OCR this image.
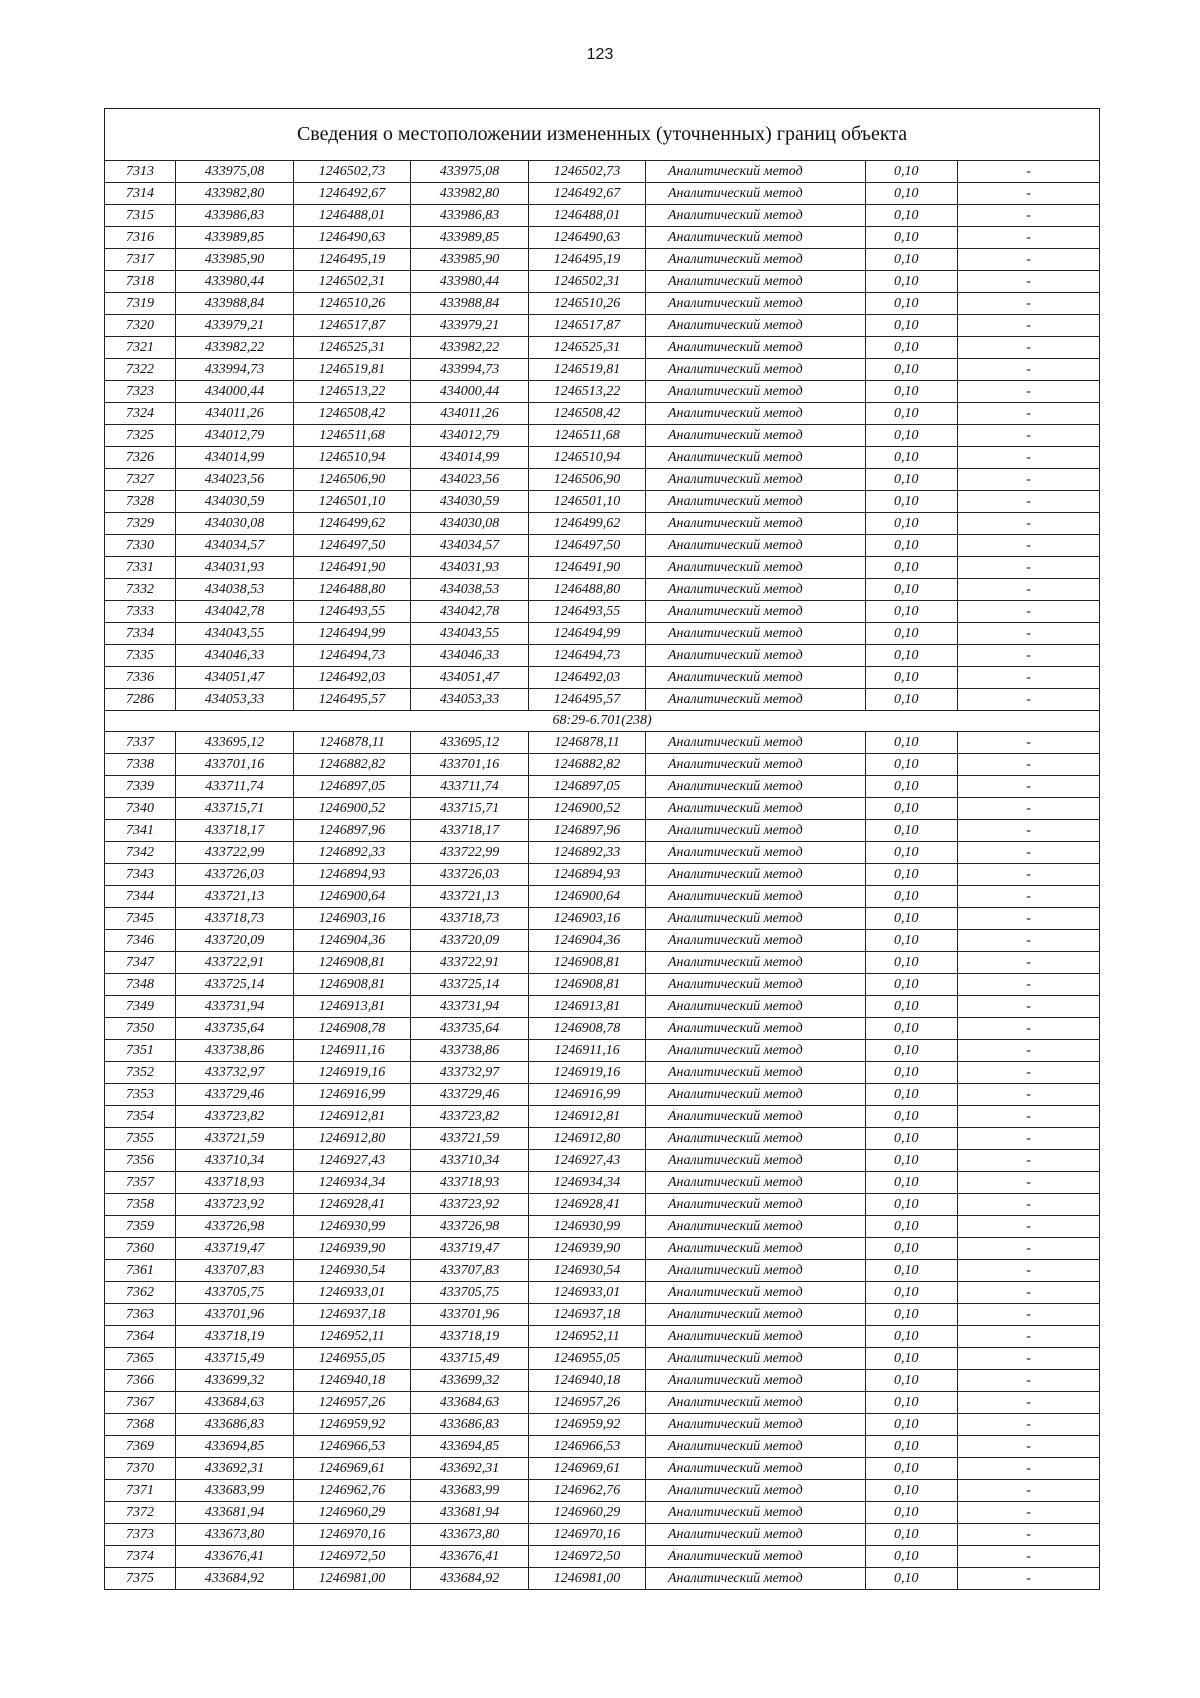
123
Сведения о местоположении измененных (уточненных) границ объекта							
7313	433975,08	1246502,73	433975,08	1246502,73	Аналитический метод	0,10	-
7314	433982,80	1246492,67	433982,80	1246492,67	Аналитический метод	0,10	-
7315	433986,83	1246488,01	433986,83	1246488,01	Аналитический метод	0,10	-
7316	433989,85	1246490,63	433989,85	1246490,63	Аналитический метод	0,10	-
7317	433985,90	1246495,19	433985,90	1246495,19	Аналитический метод	0,10	-
7318	433980,44	1246502,31	433980,44	1246502,31	Аналитический метод	0,10	-
7319	433988,84	1246510,26	433988,84	1246510,26	Аналитический метод	0,10	-
7320	433979,21	1246517,87	433979,21	1246517,87	Аналитический метод	0,10	-
7321	433982,22	1246525,31	433982,22	1246525,31	Аналитический метод	0,10	-
7322	433994,73	1246519,81	433994,73	1246519,81	Аналитический метод	0,10	-
7323	434000,44	1246513,22	434000,44	1246513,22	Аналитический метод	0,10	-
7324	434011,26	1246508,42	434011,26	1246508,42	Аналитический метод	0,10	-
7325	434012,79	1246511,68	434012,79	1246511,68	Аналитический метод	0,10	-
7326	434014,99	1246510,94	434014,99	1246510,94	Аналитический метод	0,10	-
7327	434023,56	1246506,90	434023,56	1246506,90	Аналитический метод	0,10	-
7328	434030,59	1246501,10	434030,59	1246501,10	Аналитический метод	0,10	-
7329	434030,08	1246499,62	434030,08	1246499,62	Аналитический метод	0,10	-
7330	434034,57	1246497,50	434034,57	1246497,50	Аналитический метод	0,10	-
7331	434031,93	1246491,90	434031,93	1246491,90	Аналитический метод	0,10	-
7332	434038,53	1246488,80	434038,53	1246488,80	Аналитический метод	0,10	-
7333	434042,78	1246493,55	434042,78	1246493,55	Аналитический метод	0,10	-
7334	434043,55	1246494,99	434043,55	1246494,99	Аналитический метод	0,10	-
7335	434046,33	1246494,73	434046,33	1246494,73	Аналитический метод	0,10	-
7336	434051,47	1246492,03	434051,47	1246492,03	Аналитический метод	0,10	-
7286	434053,33	1246495,57	434053,33	1246495,57	Аналитический метод	0,10	-
68:29-6.701(238)							
7337	433695,12	1246878,11	433695,12	1246878,11	Аналитический метод	0,10	-
7338	433701,16	1246882,82	433701,16	1246882,82	Аналитический метод	0,10	-
7339	433711,74	1246897,05	433711,74	1246897,05	Аналитический метод	0,10	-
7340	433715,71	1246900,52	433715,71	1246900,52	Аналитический метод	0,10	-
7341	433718,17	1246897,96	433718,17	1246897,96	Аналитический метод	0,10	-
7342	433722,99	1246892,33	433722,99	1246892,33	Аналитический метод	0,10	-
7343	433726,03	1246894,93	433726,03	1246894,93	Аналитический метод	0,10	-
7344	433721,13	1246900,64	433721,13	1246900,64	Аналитический метод	0,10	-
7345	433718,73	1246903,16	433718,73	1246903,16	Аналитический метод	0,10	-
7346	433720,09	1246904,36	433720,09	1246904,36	Аналитический метод	0,10	-
7347	433722,91	1246908,81	433722,91	1246908,81	Аналитический метод	0,10	-
7348	433725,14	1246908,81	433725,14	1246908,81	Аналитический метод	0,10	-
7349	433731,94	1246913,81	433731,94	1246913,81	Аналитический метод	0,10	-
7350	433735,64	1246908,78	433735,64	1246908,78	Аналитический метод	0,10	-
7351	433738,86	1246911,16	433738,86	1246911,16	Аналитический метод	0,10	-
7352	433732,97	1246919,16	433732,97	1246919,16	Аналитический метод	0,10	-
7353	433729,46	1246916,99	433729,46	1246916,99	Аналитический метод	0,10	-
7354	433723,82	1246912,81	433723,82	1246912,81	Аналитический метод	0,10	-
7355	433721,59	1246912,80	433721,59	1246912,80	Аналитический метод	0,10	-
7356	433710,34	1246927,43	433710,34	1246927,43	Аналитический метод	0,10	-
7357	433718,93	1246934,34	433718,93	1246934,34	Аналитический метод	0,10	-
7358	433723,92	1246928,41	433723,92	1246928,41	Аналитический метод	0,10	-
7359	433726,98	1246930,99	433726,98	1246930,99	Аналитический метод	0,10	-
7360	433719,47	1246939,90	433719,47	1246939,90	Аналитический метод	0,10	-
7361	433707,83	1246930,54	433707,83	1246930,54	Аналитический метод	0,10	-
7362	433705,75	1246933,01	433705,75	1246933,01	Аналитический метод	0,10	-
7363	433701,96	1246937,18	433701,96	1246937,18	Аналитический метод	0,10	-
7364	433718,19	1246952,11	433718,19	1246952,11	Аналитический метод	0,10	-
7365	433715,49	1246955,05	433715,49	1246955,05	Аналитический метод	0,10	-
7366	433699,32	1246940,18	433699,32	1246940,18	Аналитический метод	0,10	-
7367	433684,63	1246957,26	433684,63	1246957,26	Аналитический метод	0,10	-
7368	433686,83	1246959,92	433686,83	1246959,92	Аналитический метод	0,10	-
7369	433694,85	1246966,53	433694,85	1246966,53	Аналитический метод	0,10	-
7370	433692,31	1246969,61	433692,31	1246969,61	Аналитический метод	0,10	-
7371	433683,99	1246962,76	433683,99	1246962,76	Аналитический метод	0,10	-
7372	433681,94	1246960,29	433681,94	1246960,29	Аналитический метод	0,10	-
7373	433673,80	1246970,16	433673,80	1246970,16	Аналитический метод	0,10	-
7374	433676,41	1246972,50	433676,41	1246972,50	Аналитический метод	0,10	-
7375	433684,92	1246981,00	433684,92	1246981,00	Аналитический метод	0,10	-
